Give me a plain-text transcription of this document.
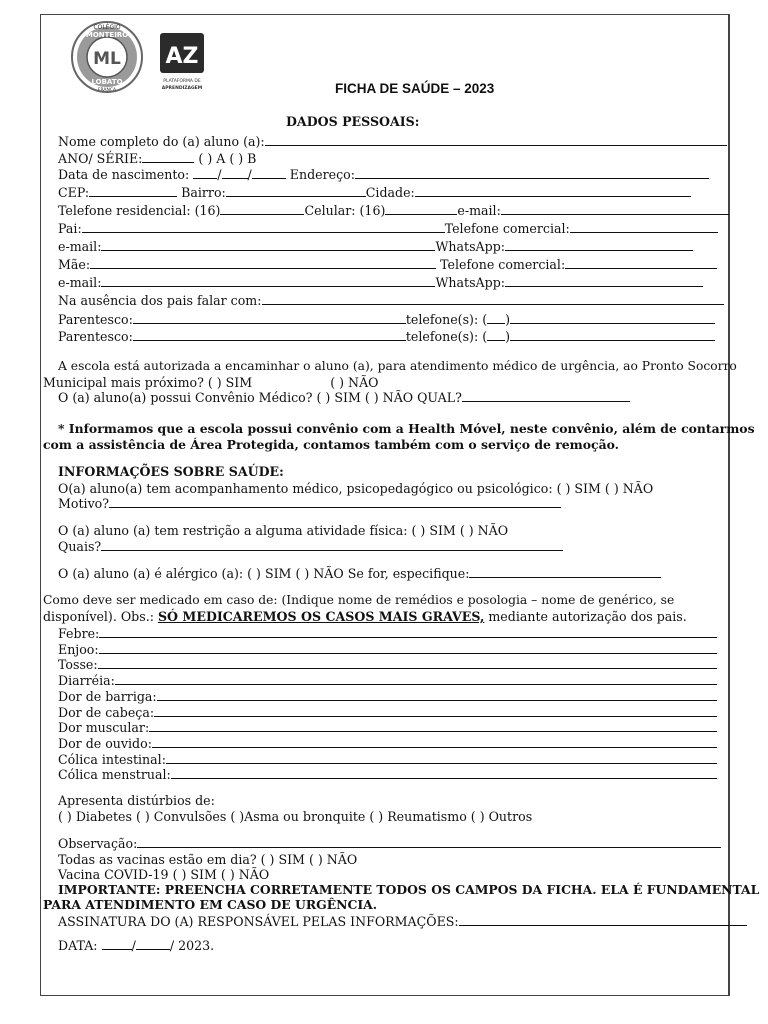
COLÉGIO
MONTEIRO
ML
LOBATO
FRANCA
AZ
PLATAFORMA DE
APRENDIZAGEM	FICHA DE SAÚDE – 2023
DADOS PESSOAIS:
Nome completo do (a) aluno (a):
ANO/ SÉRIE:	( ) A ( ) B
Data de nascimento: / /	Endereço:
CEP:	Bairro:	Cidade:
Telefone residencial: (16)	Celular: (16)	e-mail:
Pai:	Telefone comercial:
e-mail:	WhatsApp:
Mãe:	Telefone comercial:
e-mail:	WhatsApp:
Na ausência dos pais falar com:
Parentesco:	telefone(s): ( )
Parentesco:	telefone(s): ( )
A escola está autorizada a encaminhar o aluno (a), para atendimento médico de urgência, ao Pronto Socorro
Municipal mais próximo? ( ) SIM	( ) NÃO
O (a) aluno(a) possui Convênio Médico? ( ) SIM ( ) NÃO QUAL?
* Informamos que a escola possui convênio com a Health Móvel, neste convênio, além de contarmos
com a assistência de Área Protegida, contamos também com o serviço de remoção.
INFORMAÇÕES SOBRE SAÚDE:
O(a) aluno(a) tem acompanhamento médico, psicopedagógico ou psicológico: ( ) SIM ( ) NÃO
Motivo?
O (a) aluno (a) tem restrição a alguma atividade física: ( ) SIM ( ) NÃO
Quais?
O (a) aluno (a) é alérgico (a): ( ) SIM ( ) NÃO Se for, especifique:
Como deve ser medicado em caso de: (Indique nome de remédios e posologia – nome de genérico, se
disponível). Obs.: SÓ MEDICAREMOS OS CASOS MAIS GRAVES, mediante autorização dos pais.
Febre:
Enjoo:
Tosse:
Diarréia:
Dor de barriga:
Dor de cabeça:
Dor muscular:
Dor de ouvido:
Cólica intestinal:
Cólica menstrual:
Apresenta distúrbios de:
( ) Diabetes ( ) Convulsões ( )Asma ou bronquite ( ) Reumatismo ( ) Outros
Observação:
Todas as vacinas estão em dia? ( ) SIM ( ) NÃO
Vacina COVID-19 ( ) SIM ( ) NÃO
IMPORTANTE: PREENCHA CORRETAMENTE TODOS OS CAMPOS DA FICHA. ELA É FUNDAMENTAL
PARA ATENDIMENTO EM CASO DE URGÊNCIA.
ASSINATURA DO (A) RESPONSÁVEL PELAS INFORMAÇÕES:
DATA:	/	/ 2023.
